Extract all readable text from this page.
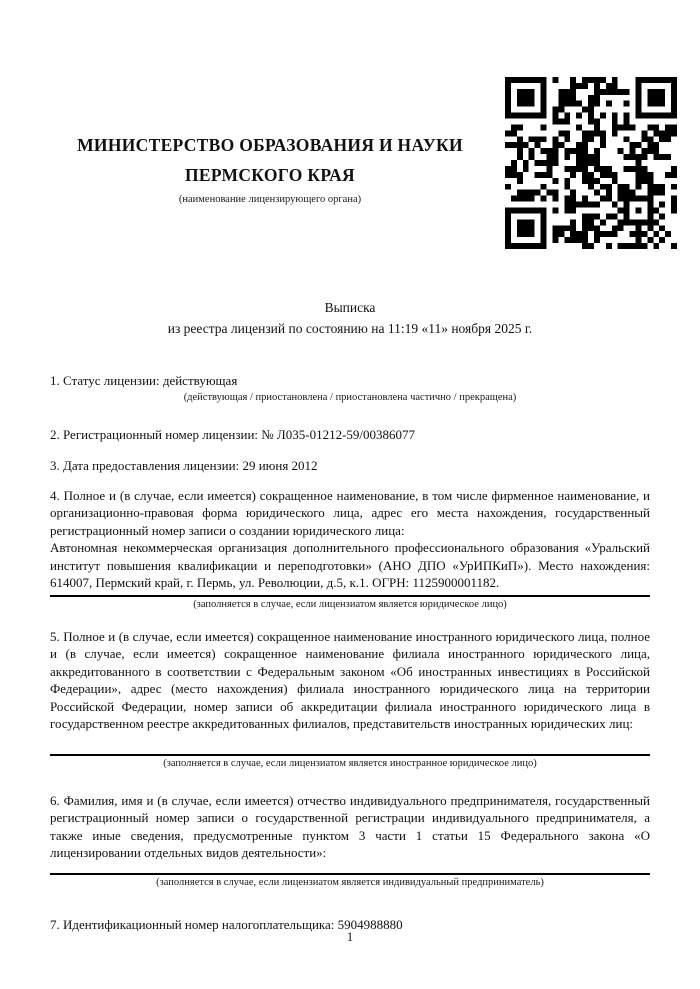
МИНИСТЕРСТВО ОБРАЗОВАНИЯ И НАУКИ
ПЕРМСКОГО КРАЯ
(наименование лицензирующего органа)
Выписка
из реестра лицензий по состоянию на 11:19 «11» ноября 2025 г.
1. Статус лицензии: действующая
(действующая / приостановлена / приостановлена частично / прекращена)
2. Регистрационный номер лицензии: № Л035-01212-59/00386077
3. Дата предоставления лицензии: 29 июня 2012

4. Полное и (в случае, если имеется) сокращенное наименование, в том числе фирменное наименование, и организационно-правовая форма юридического лица, адрес его места нахождения, государственный регистрационный номер записи о создании юридического лица:

Автономная некоммерческая организация дополнительного профессионального образования «Уральский институт повышения квалификации и переподготовки» (АНО ДПО «УрИПКиП»). Место нахождения: 614007, Пермский край, г. Пермь, ул. Революции, д.5, к.1. ОГРН: 1125900001182.
(заполняется в случае, если лицензиатом является юридическое лицо)

5. Полное и (в случае, если имеется) сокращенное наименование иностранного юридического лица, полное и (в случае, если имеется) сокращенное наименование филиала иностранного юридического лица, аккредитованного в соответствии с Федеральным законом «Об иностранных инвестициях в Российской Федерации», адрес (место нахождения) филиала иностранного юридического лица на территории Российской Федерации, номер записи об аккредитации филиала иностранного юридического лица в государственном реестре аккредитованных филиалов, представительств иностранных юридических лиц:

(заполняется в случае, если лицензиатом является иностранное юридическое лицо)

6. Фамилия, имя и (в случае, если имеется) отчество индивидуального предпринимателя, государственный регистрационный номер записи о государственной регистрации индивидуального предпринимателя, а также иные сведения, предусмотренные пунктом 3 части 1 статьи 15 Федерального закона «О лицензировании отдельных видов деятельности»:

(заполняется в случае, если лицензиатом является индивидуальный предприниматель)
7. Идентификационный номер налогоплательщика: 5904988880
1
